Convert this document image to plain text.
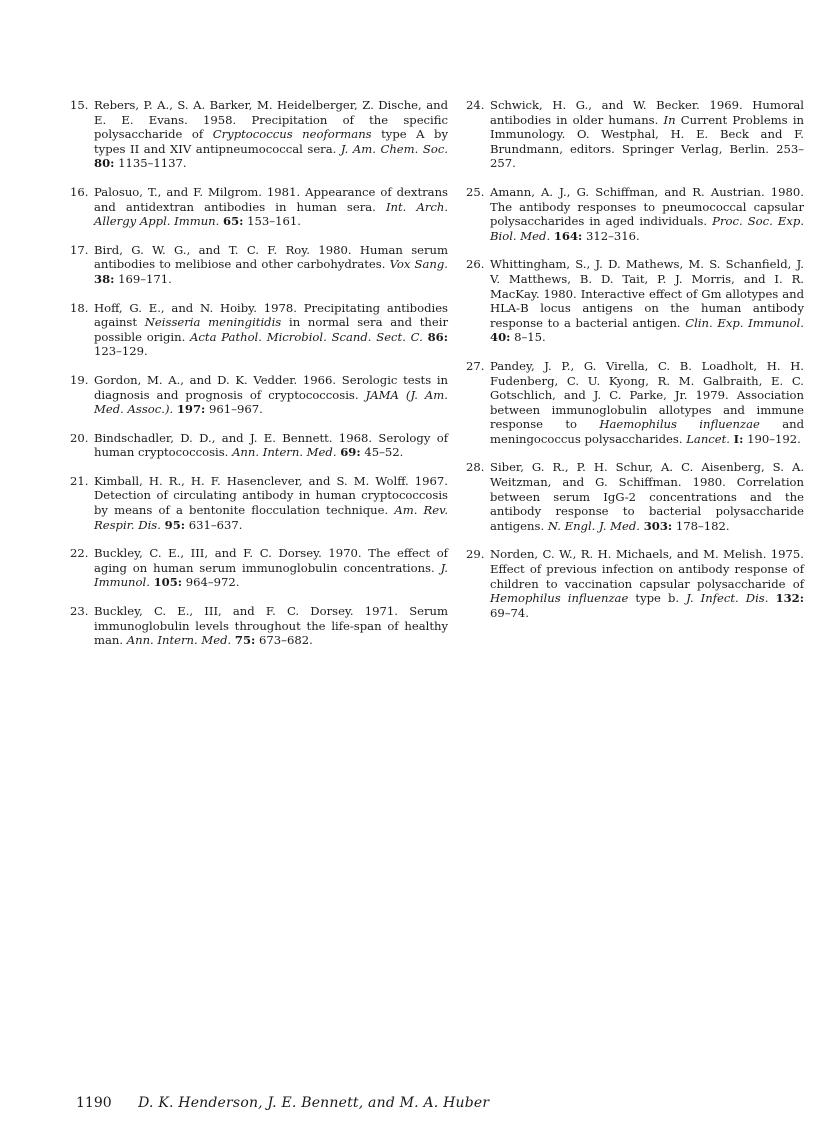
15. Rebers, P. A., S. A. Barker, M. Heidelberger, Z. Dische, and E. E. Evans. 1958. Precipitation of the specific polysaccharide of Cryptococcus neoformans type A by types II and XIV antipneumococcal sera. J. Am. Chem. Soc. 80: 1135–1137.
16. Palosuo, T., and F. Milgrom. 1981. Appearance of dextrans and antidextran antibodies in human sera. Int. Arch. Allergy Appl. Immun. 65: 153–161.
17. Bird, G. W. G., and T. C. F. Roy. 1980. Human serum antibodies to melibiose and other carbohydrates. Vox Sang. 38: 169–171.
18. Hoff, G. E., and N. Hoiby. 1978. Precipitating antibodies against Neisseria meningitidis in normal sera and their possible origin. Acta Pathol. Microbiol. Scand. Sect. C. 86: 123–129.
19. Gordon, M. A., and D. K. Vedder. 1966. Serologic tests in diagnosis and prognosis of cryptococcosis. JAMA (J. Am. Med. Assoc.). 197: 961–967.
20. Bindschadler, D. D., and J. E. Bennett. 1968. Serology of human cryptococcosis. Ann. Intern. Med. 69: 45–52.
21. Kimball, H. R., H. F. Hasenclever, and S. M. Wolff. 1967. Detection of circulating antibody in human cryptococcosis by means of a bentonite flocculation technique. Am. Rev. Respir. Dis. 95: 631–637.
22. Buckley, C. E., III, and F. C. Dorsey. 1970. The effect of aging on human serum immunoglobulin concentrations. J. Immunol. 105: 964–972.
23. Buckley, C. E., III, and F. C. Dorsey. 1971. Serum immunoglobulin levels throughout the life-span of healthy man. Ann. Intern. Med. 75: 673–682.
24. Schwick, H. G., and W. Becker. 1969. Humoral antibodies in older humans. In Current Problems in Immunology. O. Westphal, H. E. Beck and F. Brundmann, editors. Springer Verlag, Berlin. 253–257.
25. Amann, A. J., G. Schiffman, and R. Austrian. 1980. The antibody responses to pneumococcal capsular polysaccharides in aged individuals. Proc. Soc. Exp. Biol. Med. 164: 312–316.
26. Whittingham, S., J. D. Mathews, M. S. Schanfield, J. V. Matthews, B. D. Tait, P. J. Morris, and I. R. MacKay. 1980. Interactive effect of Gm allotypes and HLA-B locus antigens on the human antibody response to a bacterial antigen. Clin. Exp. Immunol. 40: 8–15.
27. Pandey, J. P., G. Virella, C. B. Loadholt, H. H. Fudenberg, C. U. Kyong, R. M. Galbraith, E. C. Gotschlich, and J. C. Parke, Jr. 1979. Association between immunoglobulin allotypes and immune response to Haemophilus influenzae and meningococcus polysaccharides. Lancet. I: 190–192.
28. Siber, G. R., P. H. Schur, A. C. Aisenberg, S. A. Weitzman, and G. Schiffman. 1980. Correlation between serum IgG-2 concentrations and the antibody response to bacterial polysaccharide antigens. N. Engl. J. Med. 303: 178–182.
29. Norden, C. W., R. H. Michaels, and M. Melish. 1975. Effect of previous infection on antibody response of children to vaccination capsular polysaccharide of Hemophilus influenzae type b. J. Infect. Dis. 132: 69–74.
1190 D. K. Henderson, J. E. Bennett, and M. A. Huber
